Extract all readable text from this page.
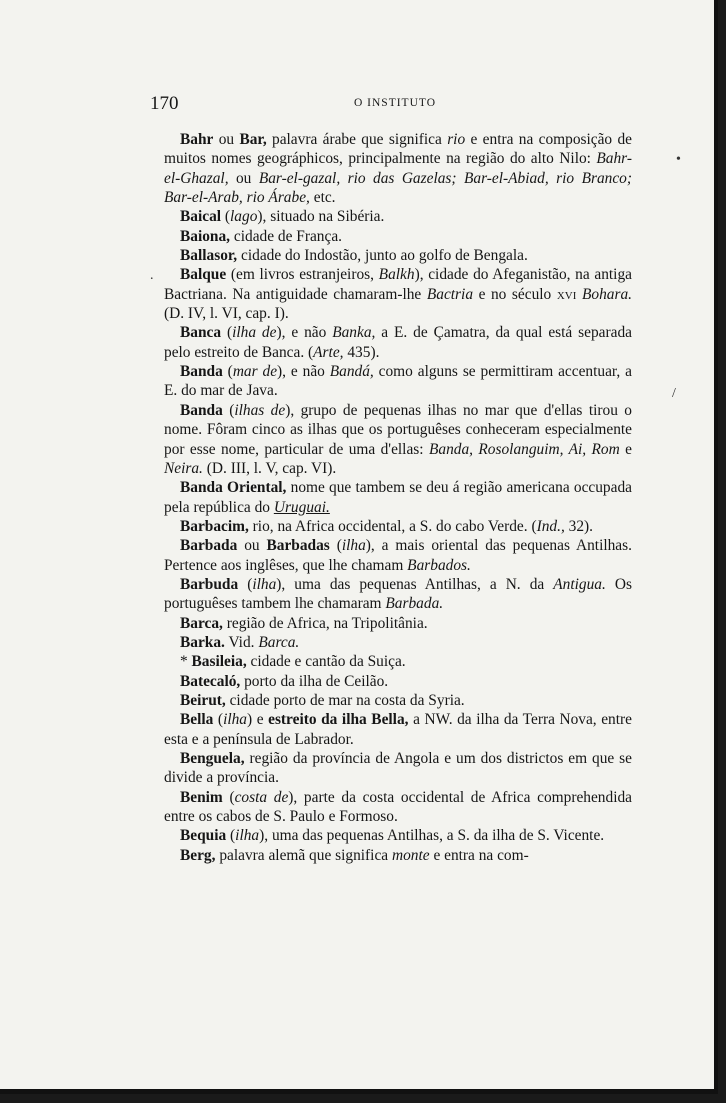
170	O INSTITUTO
•
/
.

Bahr ou Bar, palavra árabe que significa rio e entra na composição de muitos nomes geográphicos, principalmente na região do alto Nilo: Bahr-el-Ghazal, ou Bar-el-gazal, rio das Gazelas; Bar-el-Abiad, rio Branco; Bar-el-Arab, rio Árabe, etc.

Baical (lago), situado na Sibéria.

Baiona, cidade de França.

Ballasor, cidade do Indostão, junto ao golfo de Bengala.

Balque (em livros estranjeiros, Balkh), cidade do Afeganistão, na antiga Bactriana. Na antiguidade chamaram-lhe Bactria e no século xvi Bohara. (D. IV, l. VI, cap. I).

Banca (ilha de), e não Banka, a E. de Çamatra, da qual está separada pelo estreito de Banca. (Arte, 435).

Banda (mar de), e não Bandá, como alguns se permittiram accentuar, a E. do mar de Java.

Banda (ilhas de), grupo de pequenas ilhas no mar que d'ellas tirou o nome. Fôram cinco as ilhas que os portuguêses conheceram especialmente por esse nome, particular de uma d'ellas: Banda, Rosolanguim, Ai, Rom e Neira. (D. III, l. V, cap. VI).

Banda Oriental, nome que tambem se deu á região americana occupada pela república do Uruguai.

Barbacim, rio, na Africa occidental, a S. do cabo Verde. (Ind., 32).

Barbada ou Barbadas (ilha), a mais oriental das pequenas Antilhas. Pertence aos inglêses, que lhe chamam Barbados.

Barbuda (ilha), uma das pequenas Antilhas, a N. da Antigua. Os portuguêses tambem lhe chamaram Barbada.

Barca, região de Africa, na Tripolitânia.

Barka. Vid. Barca.

* Basileia, cidade e cantão da Suiça.

Batecaló, porto da ilha de Ceilão.

Beirut, cidade porto de mar na costa da Syria.

Bella (ilha) e estreito da ilha Bella, a NW. da ilha da Terra Nova, entre esta e a península de Labrador.

Benguela, região da província de Angola e um dos districtos em que se divide a província.

Benim (costa de), parte da costa occidental de Africa comprehendida entre os cabos de S. Paulo e Formoso.

Bequia (ilha), uma das pequenas Antilhas, a S. da ilha de S. Vicente.

Berg, palavra alemã que significa monte e entra na com-
